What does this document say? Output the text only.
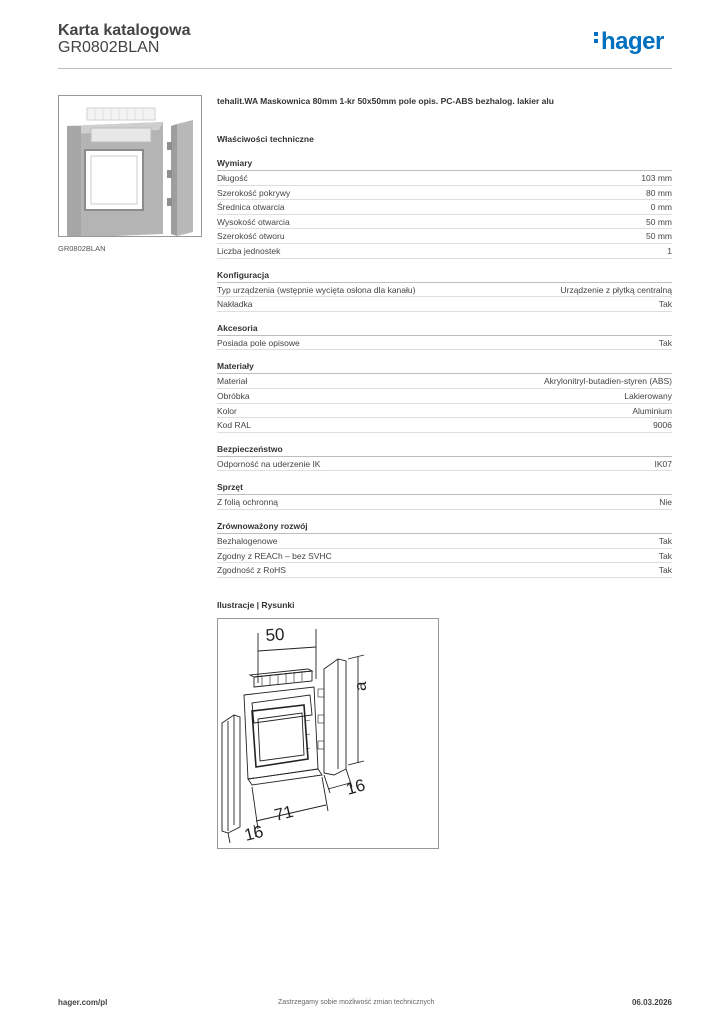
Karta katalogowa
GR0802BLAN	hager
GR0802BLAN
tehalit.WA Maskownica 80mm 1-kr 50x50mm pole opis. PC-ABS bezhalog. lakier alu
Właściwości techniczne
Wymiary
Długość	103 mm
Szerokość pokrywy	80 mm
Średnica otwarcia	0 mm
Wysokość otwarcia	50 mm
Szerokość otworu	50 mm
Liczba jednostek	1
Konfiguracja
Typ urządzenia (wstępnie wycięta osłona dla kanału)	Urządzenie z płytką centralną
Nakładka	Tak
Akcesoria
Posiada pole opisowe	Tak
Materiały
Materiał	Akrylonitryl-butadien-styren (ABS)
Obróbka	Lakierowany
Kolor	Aluminium
Kod RAL	9006
Bezpieczeństwo
Odporność na uderzenie IK	IK07
Sprzęt
Z folią ochronną	Nie
Zrównoważony rozwój
Bezhalogenowe	Tak
Zgodny z REACh – bez SVHC	Tak
Zgodność z RoHS	Tak
Ilustracje | Rysunki
50
a
16
71
16
hager.com/pl	Zastrzegamy sobie możliwość zmian technicznych	06.03.2026
